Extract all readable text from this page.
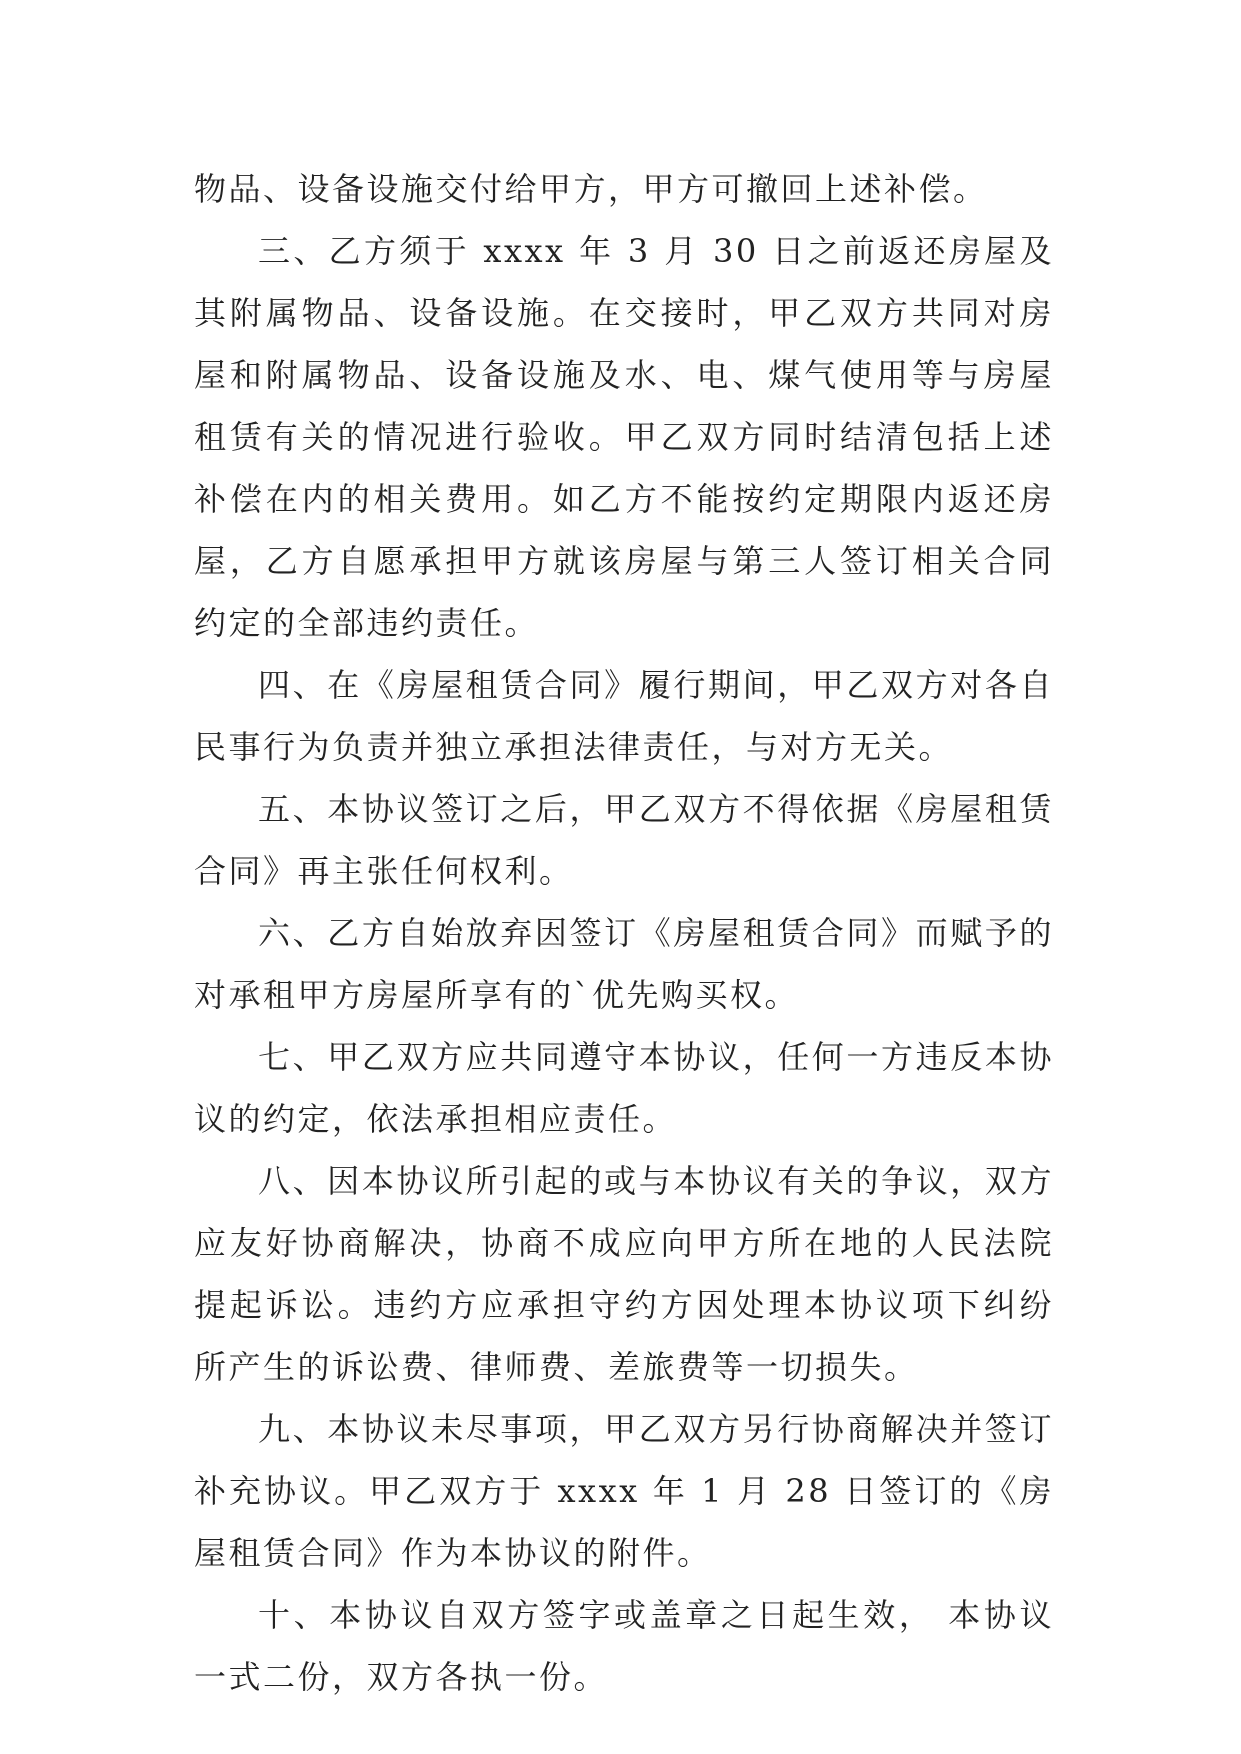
物品、设备设施交付给甲方，甲方可撤回上述补偿。

三、乙方须于 xxxx 年 3 月 30 日之前返还房屋及其附属物品、设备设施。在交接时，甲乙双方共同对房屋和附属物品、设备设施及水、电、煤气使用等与房屋租赁有关的情况进行验收。甲乙双方同时结清包括上述补偿在内的相关费用。如乙方不能按约定期限内返还房屋，乙方自愿承担甲方就该房屋与第三人签订相关合同约定的全部违约责任。

四、在《房屋租赁合同》履行期间，甲乙双方对各自民事行为负责并独立承担法律责任，与对方无关。

五、本协议签订之后，甲乙双方不得依据《房屋租赁合同》再主张任何权利。

六、乙方自始放弃因签订《房屋租赁合同》而赋予的对承租甲方房屋所享有的`优先购买权。

七、甲乙双方应共同遵守本协议，任何一方违反本协议的约定，依法承担相应责任。

八、因本协议所引起的或与本协议有关的争议，双方应友好协商解决，协商不成应向甲方所在地的人民法院提起诉讼。违约方应承担守约方因处理本协议项下纠纷所产生的诉讼费、律师费、差旅费等一切损失。

九、本协议未尽事项，甲乙双方另行协商解决并签订补充协议。甲乙双方于 xxxx 年 1 月 28 日签订的《房屋租赁合同》作为本协议的附件。

十、本协议自双方签字或盖章之日起生效， 本协议一式二份，双方各执一份。
